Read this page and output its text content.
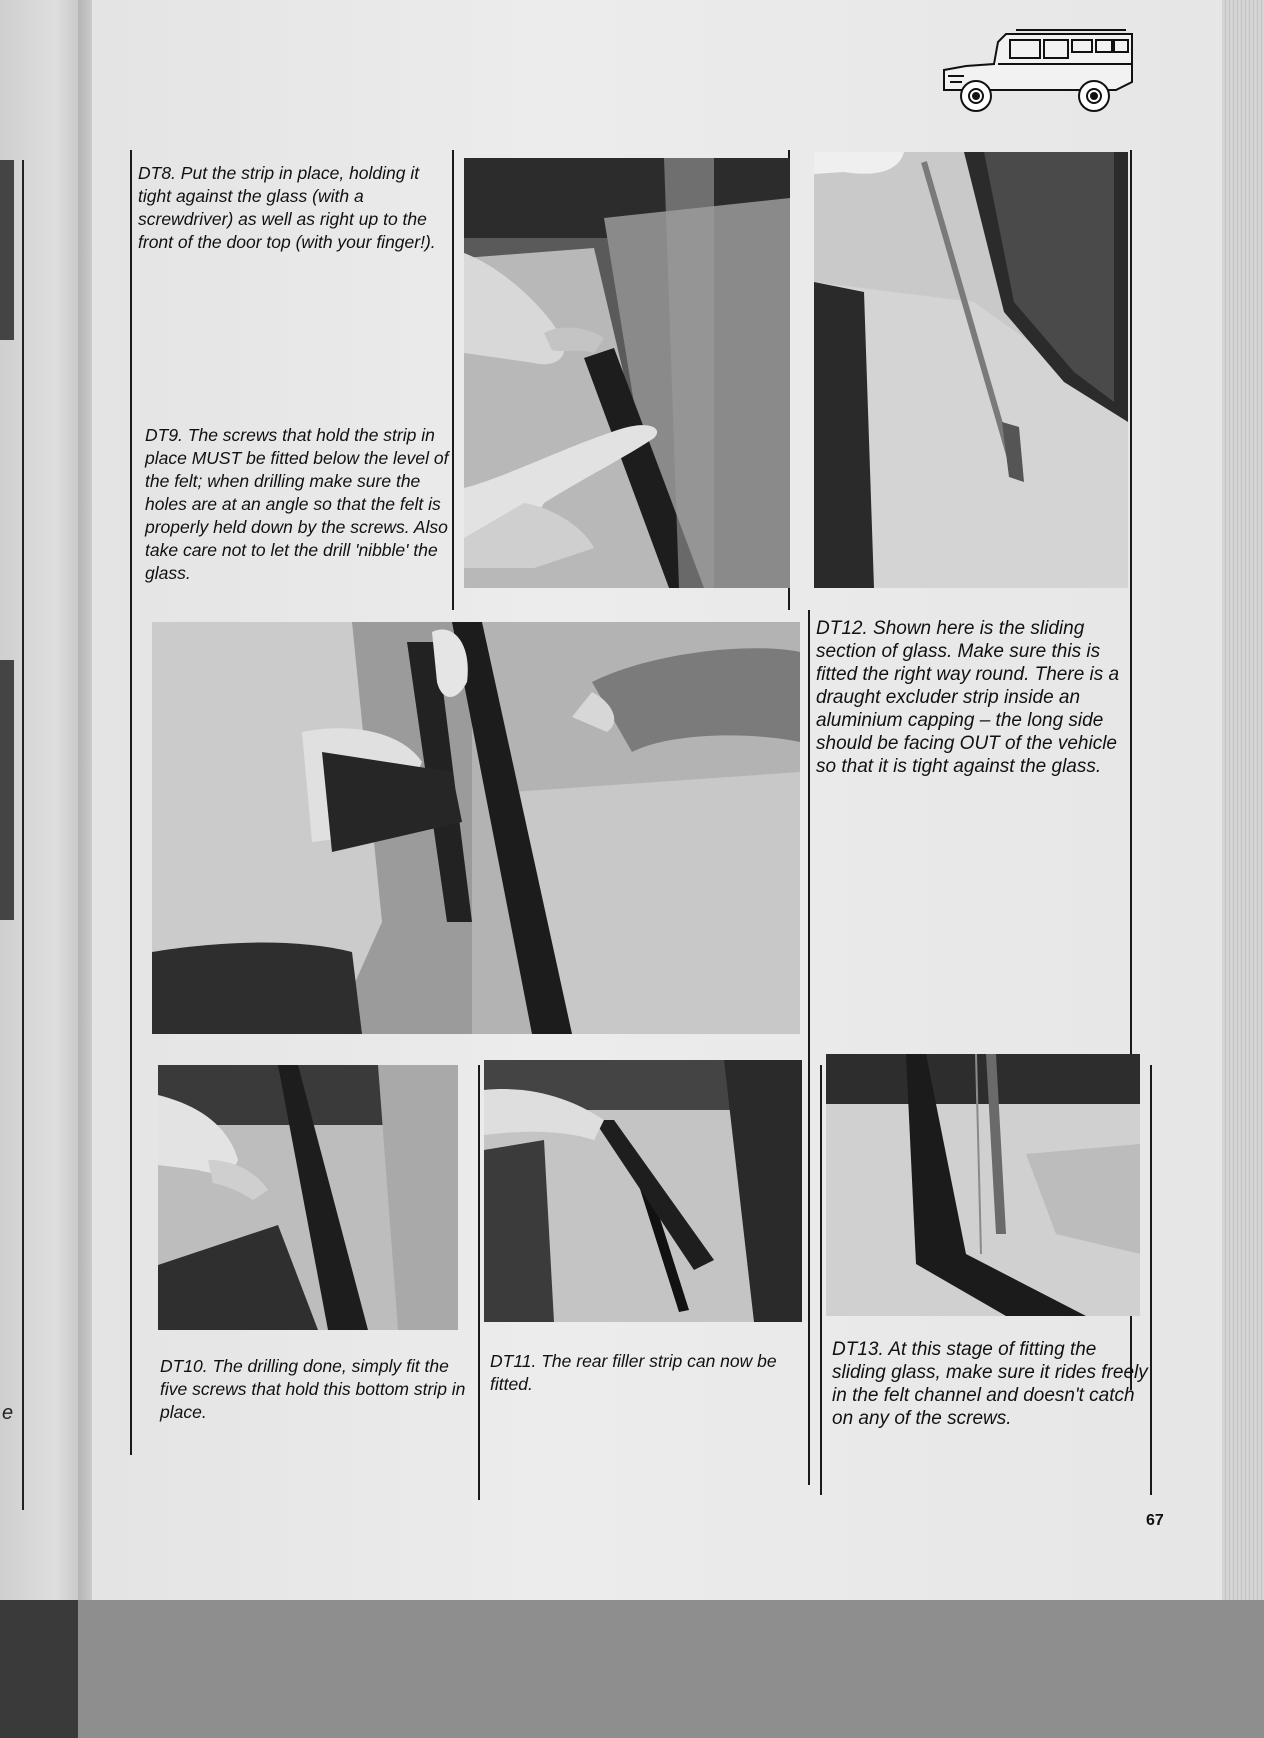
e

DT8. Put the strip in place, holding it tight against the glass (with a screwdriver) as well as right up to the front of the door top (with your finger!).

DT9. The screws that hold the strip in place MUST be fitted below the level of the felt; when drilling make sure the holes are at an angle so that the felt is properly held down by the screws. Also take care not to let the drill 'nibble' the glass.

DT10. The drilling done, simply fit the five screws that hold this bottom strip in place.

DT11. The rear filler strip can now be fitted.

DT12. Shown here is the sliding section of glass. Make sure this is fitted the right way round. There is a draught excluder strip inside an aluminium capping – the long side should be facing OUT of the vehicle so that it is tight against the glass.

DT13. At this stage of fitting the sliding glass, make sure it rides freely in the felt channel and doesn't catch on any of the screws.

67
